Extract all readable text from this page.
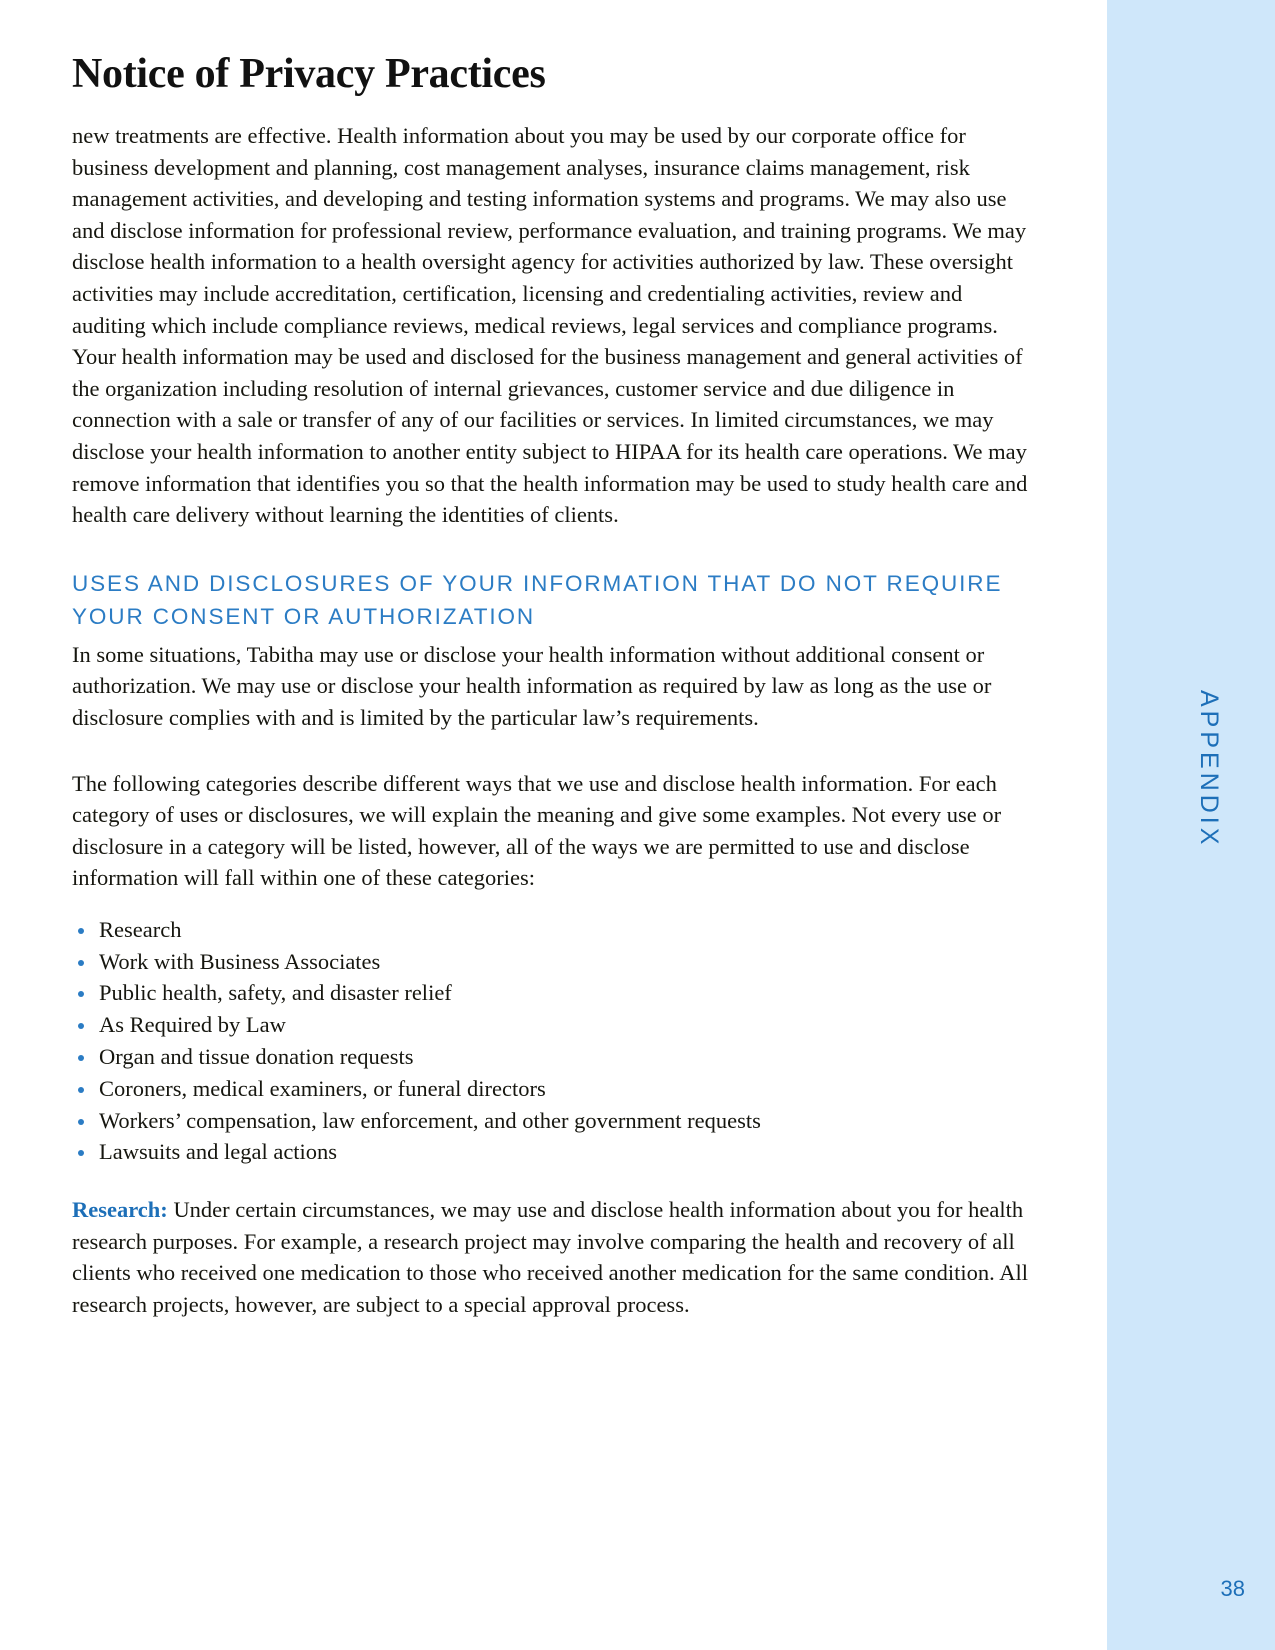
APPENDIX
38
Notice of Privacy Practices

new treatments are effective. Health information about you may be used by our corporate office for business development and planning, cost management analyses, insurance claims management, risk management activities, and developing and testing information systems and programs. We may also use and disclose information for professional review, performance evaluation, and training programs. We may disclose health information to a health oversight agency for activities authorized by law. These oversight activities may include accreditation, certification, licensing and credentialing activities, review and auditing which include compliance reviews, medical reviews, legal services and compliance programs. Your health information may be used and disclosed for the business management and general activities of the organization including resolution of internal grievances, customer service and due diligence in connection with a sale or transfer of any of our facilities or services. In limited circumstances, we may disclose your health information to another entity subject to HIPAA for its health care operations. We may remove information that identifies you so that the health information may be used to study health care and health care delivery without learning the identities of clients.

USES AND DISCLOSURES OF YOUR INFORMATION THAT DO NOT REQUIRE YOUR CONSENT OR AUTHORIZATION

In some situations, Tabitha may use or disclose your health information without additional consent or authorization. We may use or disclose your health information as required by law as long as the use or disclosure complies with and is limited by the particular law’s requirements.

The following categories describe different ways that we use and disclose health information. For each category of uses or disclosures, we will explain the meaning and give some examples. Not every use or disclosure in a category will be listed, however, all of the ways we are permitted to use and disclose information will fall within one of these categories:

Research
Work with Business Associates
Public health, safety, and disaster relief
As Required by Law
Organ and tissue donation requests
Coroners, medical examiners, or funeral directors
Workers’ compensation, law enforcement, and other government requests
Lawsuits and legal actions

Research: Under certain circumstances, we may use and disclose health information about you for health research purposes. For example, a research project may involve comparing the health and recovery of all clients who received one medication to those who received another medication for the same condition. All research projects, however, are subject to a special approval process.
